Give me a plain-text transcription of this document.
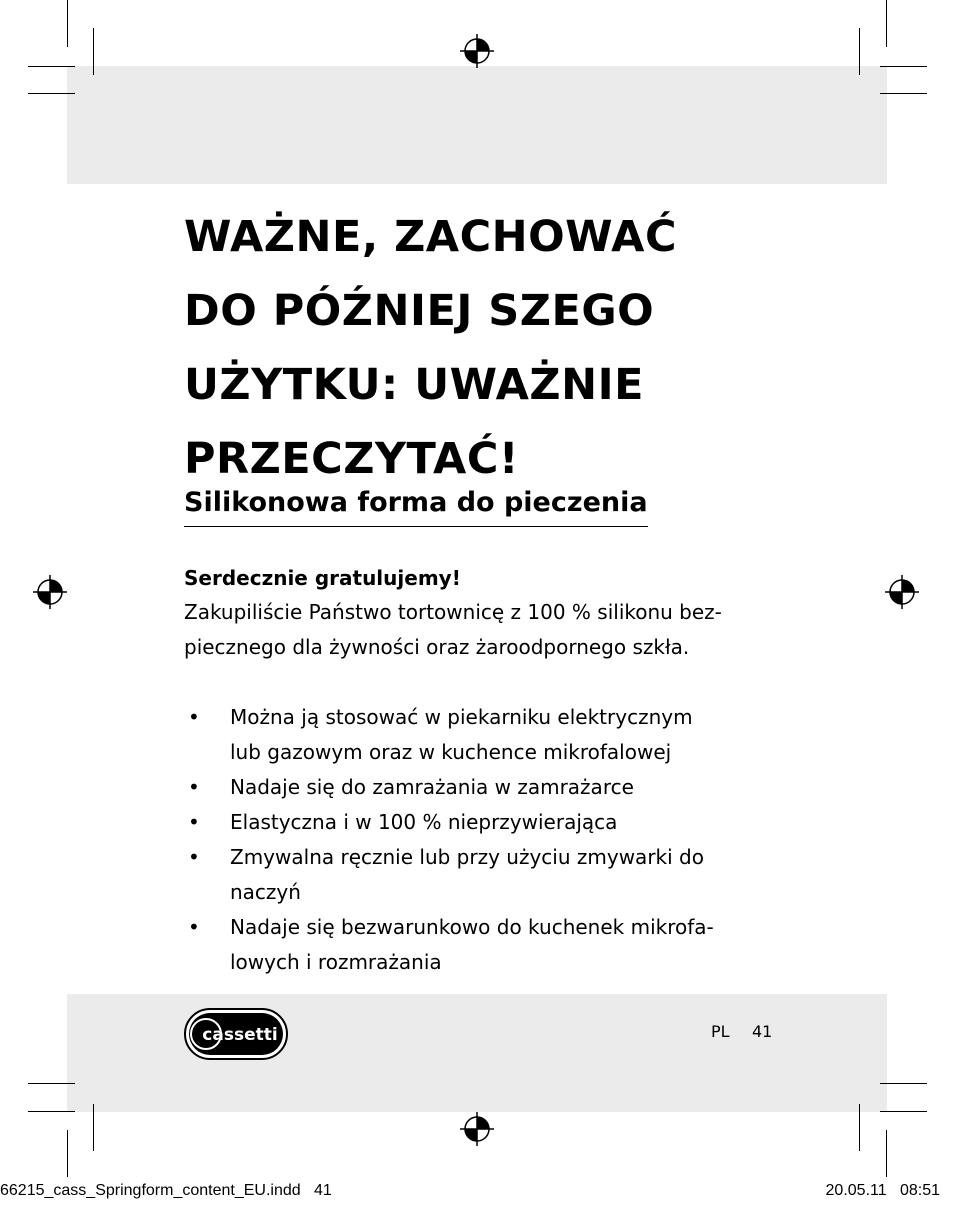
WAŻNE, ZACHOWAĆ
DO PÓŹNIEJ SZEGO
UŻYTKU: UWAŻNIE
PRZECZYTAĆ!
Silikonowa forma do pieczenia

Serdecznie gratulujemy!

Zakupiliście Państwo tortownicę z 100 % silikonu bez-
piecznego dla żywności oraz żaroodpornego szkła.
• Można ją stosować w piekarniku elektrycznym
lub gazowym oraz w kuchence mikrofalowej
• Nadaje się do zamrażania w zamrażarce
• Elastyczna i w 100 % nieprzywierająca
• Zmywalna ręcznie lub przy użyciu zmywarki do
naczyń
• Nadaje się bezwarunkowo do kuchenek mikrofa-
lowych i rozmrażania
cassetti	PL 41
66215_cass_Springform_content_EU.indd   41	20.05.11   08:51
